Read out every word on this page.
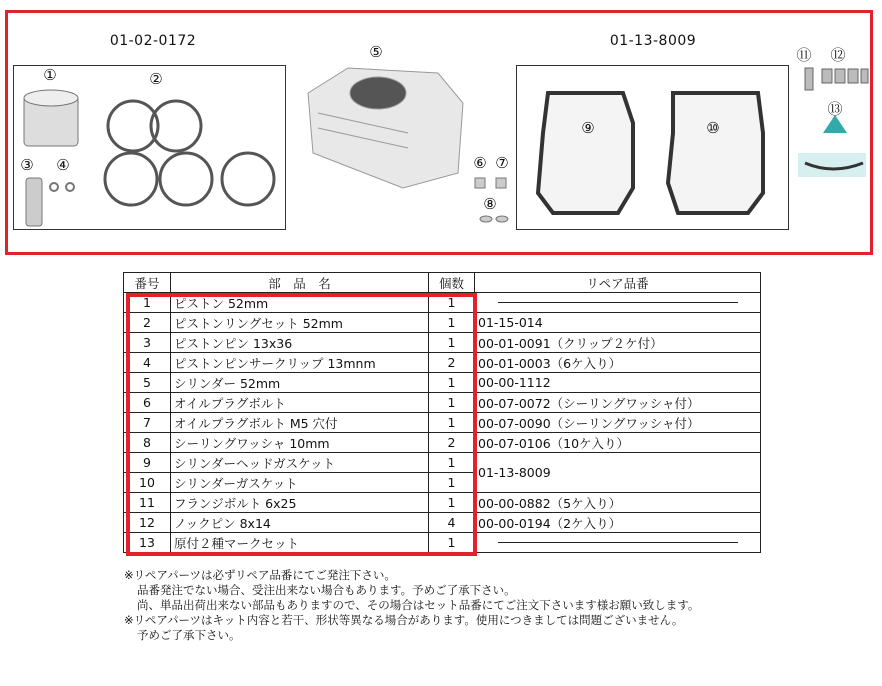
01-02-0172	01-13-8009
①	②
③ ④
⑤
⑥ ⑦
⑧
⑨	⑩
⑪ ⑫
⑬
番号	部　品　名	個数	リペア品番
1	ピストン 52mm	1	

2	ピストンリングセット 52mm	1	01-15-014
3	ピストンピン 13x36	1	00-01-0091（クリップ２ケ付）
4	ピストンピンサークリップ 13mnm	2	00-01-0003（6ケ入り）
5	シリンダー 52mm	1	00-00-1112
6	オイルプラグボルト	1	00-07-0072（シーリングワッシャ付）
7	オイルプラグボルト M5 穴付	1	00-07-0090（シーリングワッシャ付）
8	シーリングワッシャ 10mm	2	00-07-0106（10ケ入り）
9	シリンダーヘッドガスケット	1	01-13-8009
10	シリンダーガスケット	1	
11	フランジボルト 6x25	1	00-00-0882（5ケ入り）
12	ノックピン 8x14	4	00-00-0194（2ケ入り）
13	原付２種マークセット	1	
※リペアパーツは必ずリペア品番にてご発注下さい。
品番発注でない場合、受注出来ない場合もあります。予めご了承下さい。
尚、単品出荷出来ない部品もありますので、その場合はセット品番にてご注文下さいます様お願い致します。
※リペアパーツはキット内容と若干、形状等異なる場合があります。使用につきましては問題ございません。
予めご了承下さい。
